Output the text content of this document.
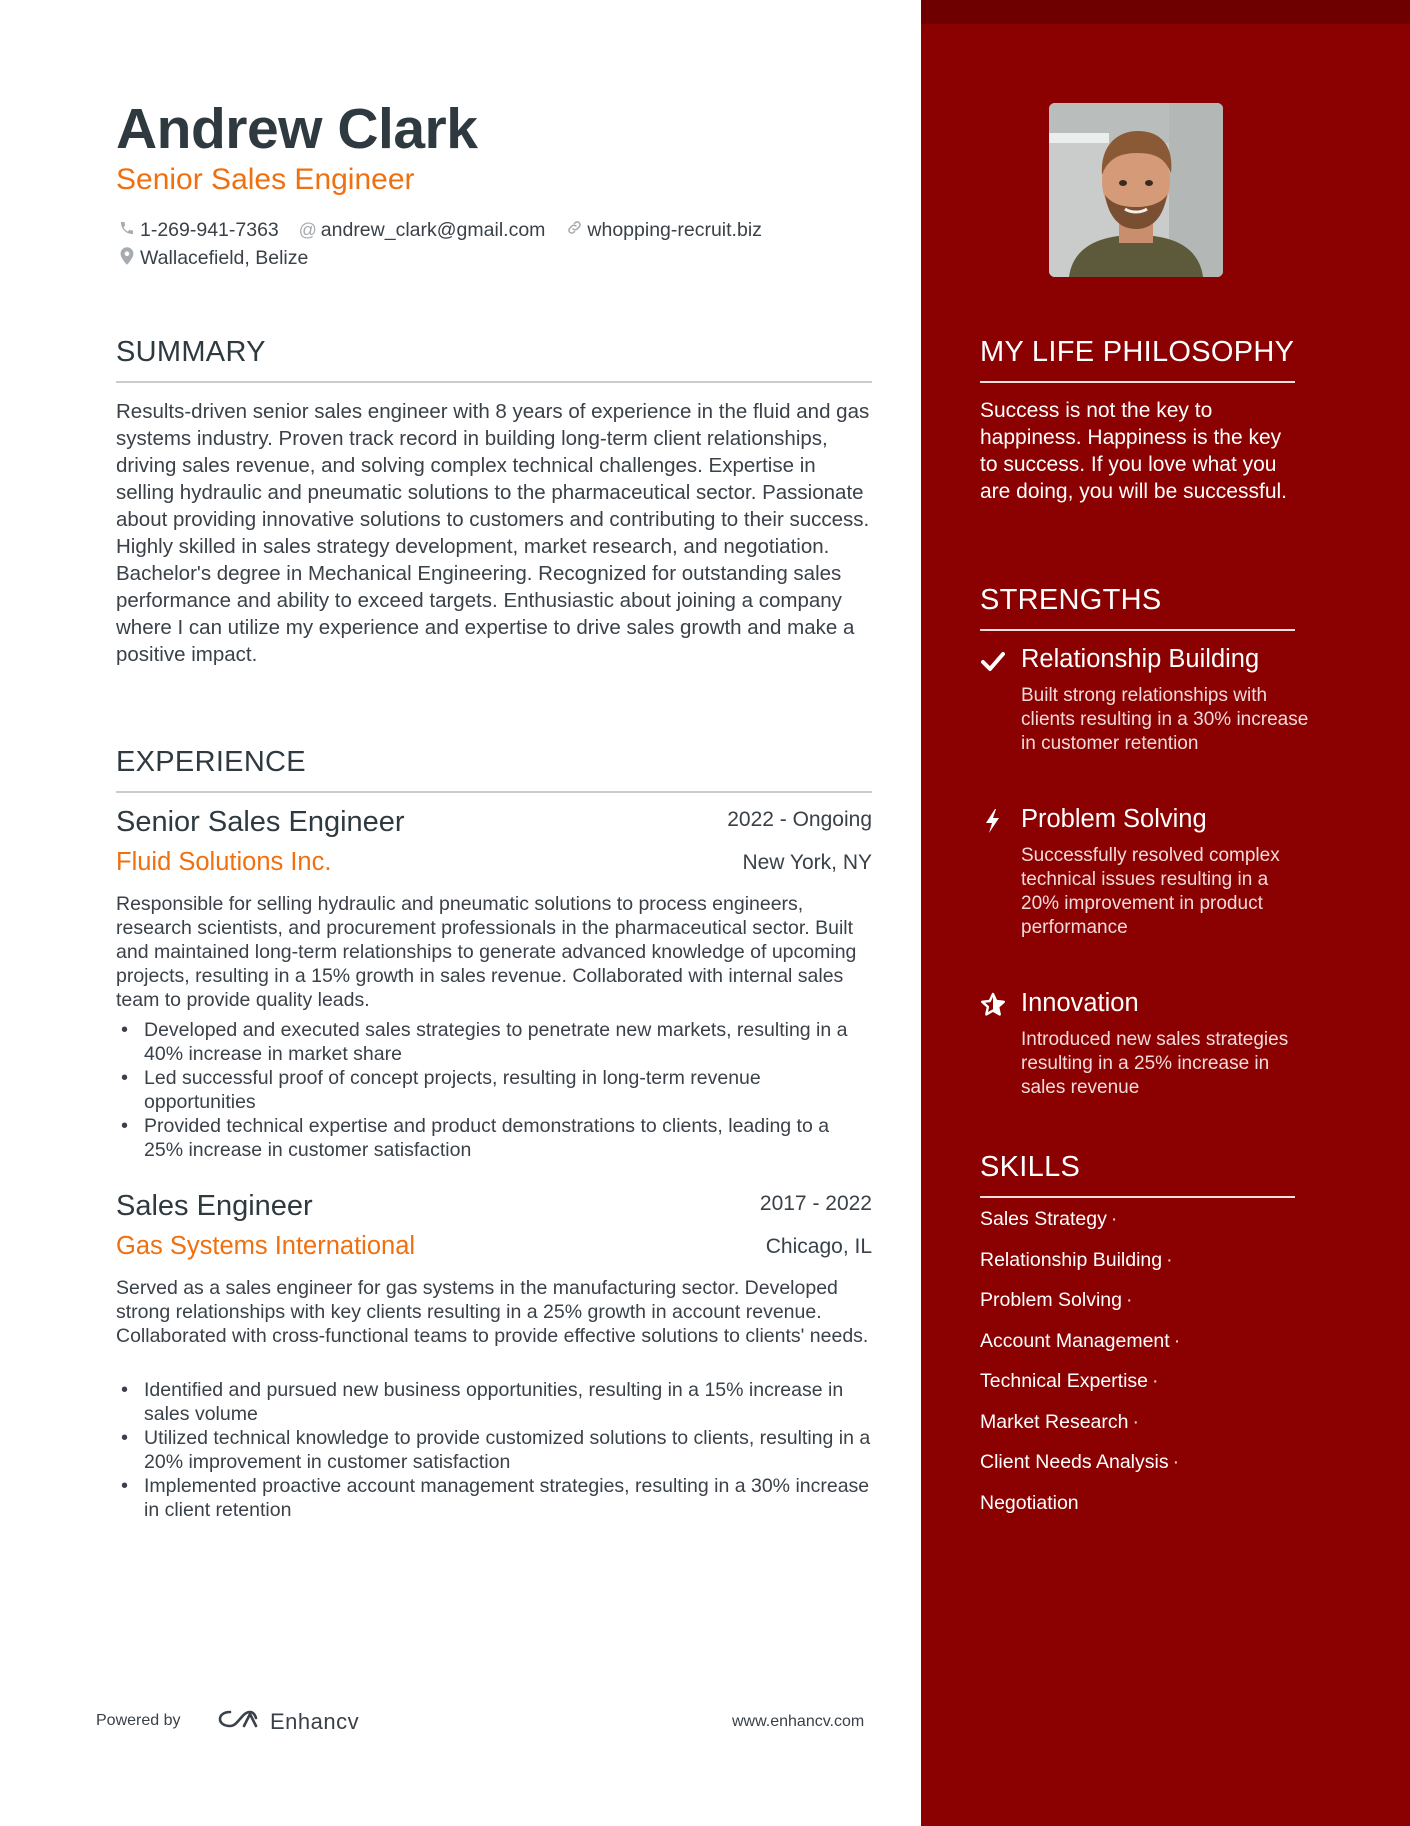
Andrew Clark
Senior Sales Engineer
1-269-941-7363 @ andrew_clark@gmail.com whopping-recruit.biz
Wallacefield, Belize
SUMMARY
Results-driven senior sales engineer with 8 years of experience in the fluid and gas systems industry. Proven track record in building long-term client relationships, driving sales revenue, and solving complex technical challenges. Expertise in selling hydraulic and pneumatic solutions to the pharmaceutical sector. Passionate about providing innovative solutions to customers and contributing to their success. Highly skilled in sales strategy development, market research, and negotiation. Bachelor's degree in Mechanical Engineering. Recognized for outstanding sales performance and ability to exceed targets. Enthusiastic about joining a company where I can utilize my experience and expertise to drive sales growth and make a positive impact.
EXPERIENCE
Senior Sales Engineer	2022 - Ongoing
Fluid Solutions Inc.	New York, NY
Responsible for selling hydraulic and pneumatic solutions to process engineers, research scientists, and procurement professionals in the pharmaceutical sector. Built and maintained long-term relationships to generate advanced knowledge of upcoming projects, resulting in a 15% growth in sales revenue. Collaborated with internal sales team to provide quality leads.
• Developed and executed sales strategies to penetrate new markets, resulting in a 40% increase in market share
• Led successful proof of concept projects, resulting in long-term revenue opportunities
• Provided technical expertise and product demonstrations to clients, leading to a 25% increase in customer satisfaction
Sales Engineer	2017 - 2022
Gas Systems International	Chicago, IL
Served as a sales engineer for gas systems in the manufacturing sector. Developed strong relationships with key clients resulting in a 25% growth in account revenue. Collaborated with cross-functional teams to provide effective solutions to clients' needs.
• Identified and pursued new business opportunities, resulting in a 15% increase in sales volume
• Utilized technical knowledge to provide customized solutions to clients, resulting in a 20% improvement in customer satisfaction
• Implemented proactive account management strategies, resulting in a 30% increase in client retention
Powered by	Enhancv	www.enhancv.com
MY LIFE PHILOSOPHY
Success is not the key to happiness. Happiness is the key to success. If you love what you are doing, you will be successful.
STRENGTHS
Relationship Building
Built strong relationships with clients resulting in a 30% increase in customer retention
Problem Solving
Successfully resolved complex technical issues resulting in a 20% improvement in product performance
Innovation
Introduced new sales strategies resulting in a 25% increase in sales revenue
SKILLS
Sales Strategy ·
Relationship Building ·
Problem Solving ·
Account Management ·
Technical Expertise ·
Market Research ·
Client Needs Analysis ·
Negotiation
